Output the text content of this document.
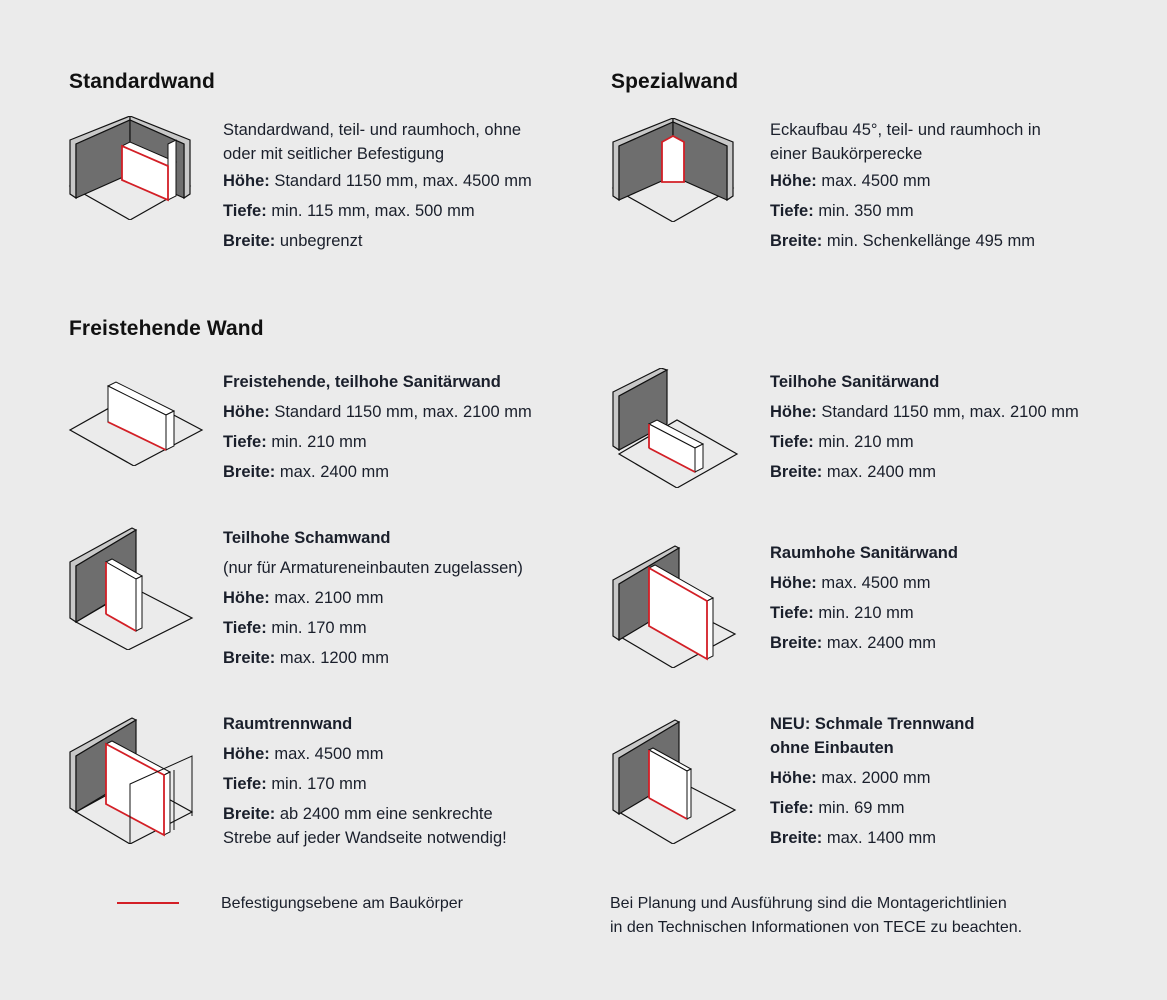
Standardwand	Spezialwand
Freistehende Wand
Standardwand, teil- und raumhoch, ohne
oder mit seitlicher Befestigung
Höhe: Standard 1150 mm, max. 4500 mm
Tiefe: min. 115 mm, max. 500 mm
Breite: unbegrenzt
Eckaufbau 45°, teil- und raumhoch in
einer Baukörperecke
Höhe: max. 4500 mm
Tiefe: min. 350 mm
Breite: min. Schenkellänge 495 mm
Freistehende, teilhohe Sanitärwand
Höhe: Standard 1150 mm, max. 2100 mm
Tiefe: min. 210 mm
Breite: max. 2400 mm
Teilhohe Sanitärwand
Höhe: Standard 1150 mm, max. 2100 mm
Tiefe: min. 210 mm
Breite: max. 2400 mm
Teilhohe Schamwand
(nur für Armatureneinbauten zugelassen)
Höhe: max. 2100 mm
Tiefe: min. 170 mm
Breite: max. 1200 mm
Raumhohe Sanitärwand
Höhe: max. 4500 mm
Tiefe: min. 210 mm
Breite: max. 2400 mm
Raumtrennwand
Höhe: max. 4500 mm
Tiefe: min. 170 mm
Breite: ab 2400 mm eine senkrechte
Strebe auf jeder Wandseite notwendig!
NEU: Schmale Trennwand
ohne Einbauten
Höhe: max. 2000 mm
Tiefe: min. 69 mm
Breite: max. 1400 mm
Befestigungsebene am Baukörper	Bei Planung und Ausführung sind die Montagerichtlinien
in den Technischen Informationen von TECE zu beachten.
